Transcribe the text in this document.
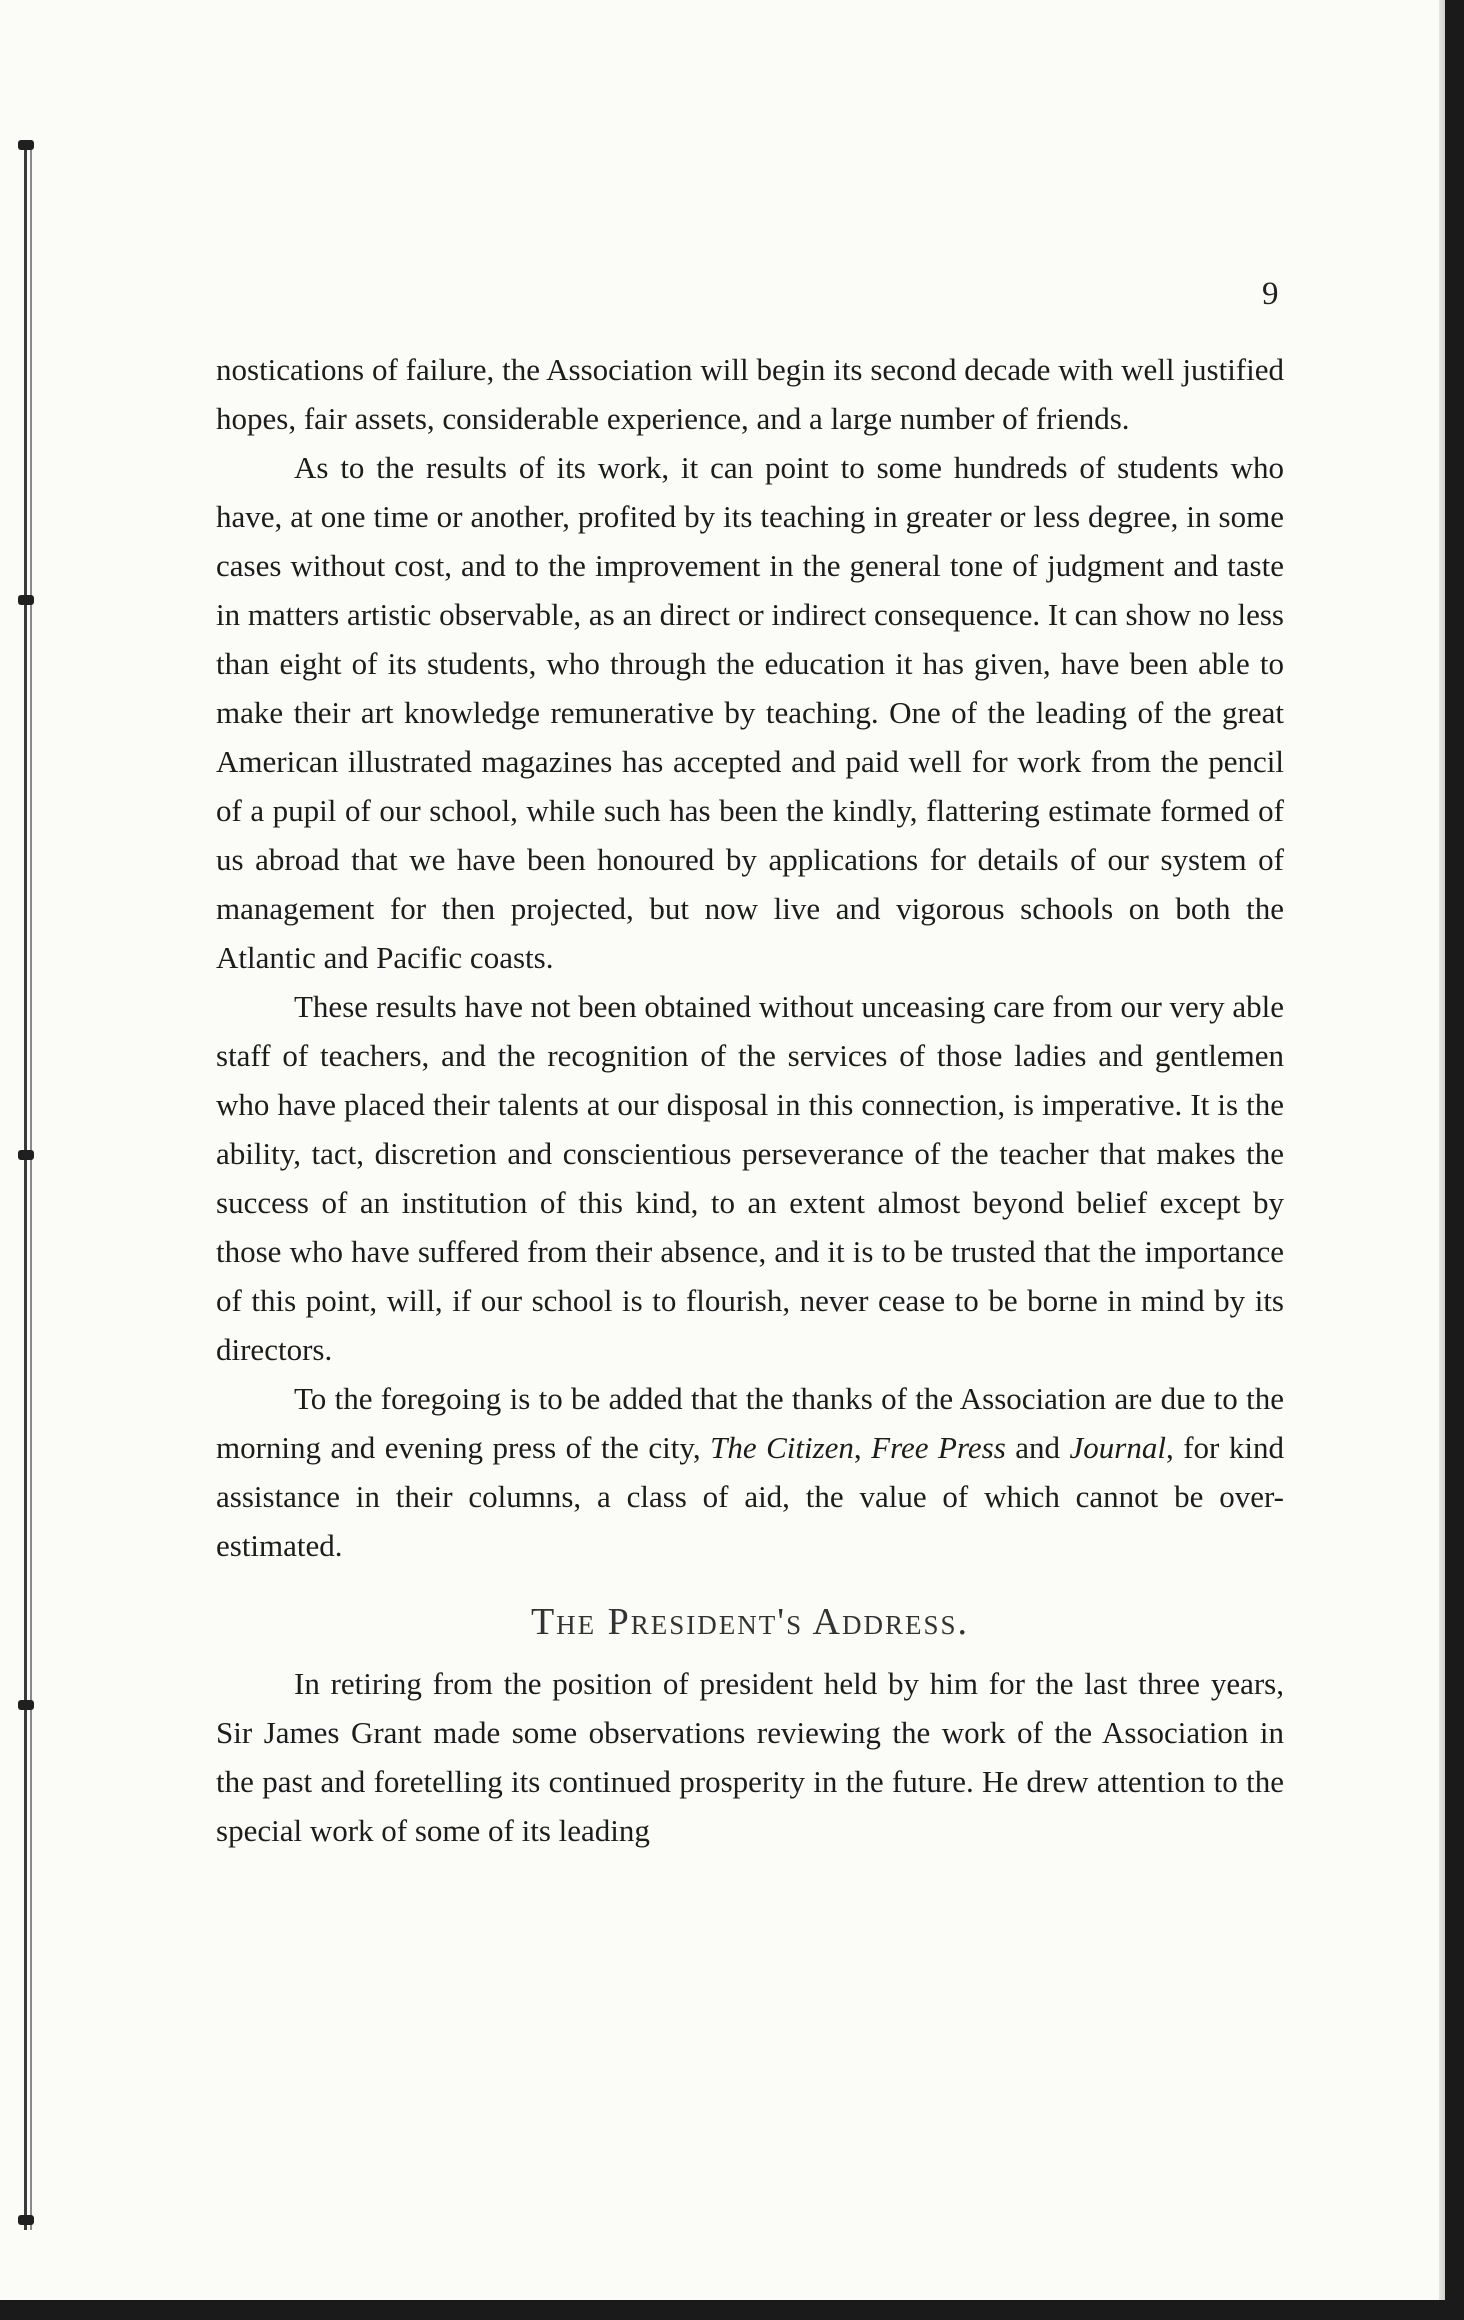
9

nostications of failure, the Association will begin its second decade with well justified hopes, fair assets, considerable experience, and a large number of friends.

As to the results of its work, it can point to some hundreds of students who have, at one time or another, profited by its teaching in greater or less degree, in some cases without cost, and to the improvement in the general tone of judgment and taste in matters artistic observable, as an direct or indirect consequence. It can show no less than eight of its students, who through the education it has given, have been able to make their art knowledge remunerative by teaching. One of the leading of the great American illustrated magazines has accepted and paid well for work from the pencil of a pupil of our school, while such has been the kindly, flattering estimate formed of us abroad that we have been honoured by applications for details of our system of management for then projected, but now live and vigorous schools on both the Atlantic and Pacific coasts.

These results have not been obtained without unceasing care from our very able staff of teachers, and the recognition of the services of those ladies and gentlemen who have placed their talents at our disposal in this connection, is imperative. It is the ability, tact, discretion and conscientious perseverance of the teacher that makes the success of an institution of this kind, to an extent almost beyond belief except by those who have suffered from their absence, and it is to be trusted that the importance of this point, will, if our school is to flourish, never cease to be borne in mind by its directors.

To the foregoing is to be added that the thanks of the Association are due to the morning and evening press of the city, The Citizen, Free Press and Journal, for kind assistance in their columns, a class of aid, the value of which cannot be over-estimated.

The President's Address.

In retiring from the position of president held by him for the last three years, Sir James Grant made some observations reviewing the work of the Association in the past and foretelling its continued prosperity in the future. He drew attention to the special work of some of its leading
